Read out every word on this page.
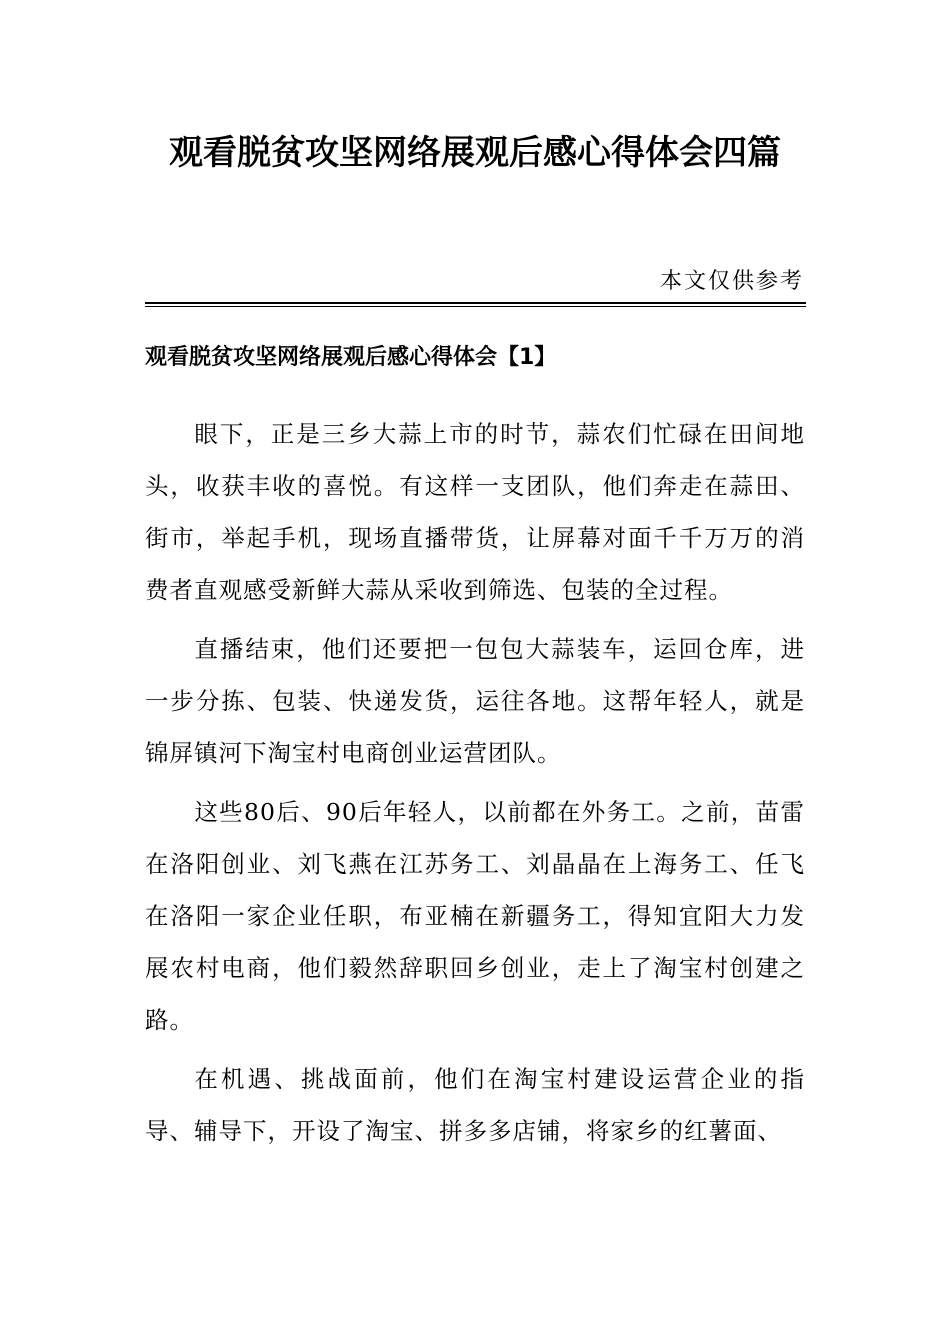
观看脱贫攻坚网络展观后感心得体会四篇
本文仅供参考
观看脱贫攻坚网络展观后感心得体会【1】

眼下，正是三乡大蒜上市的时节，蒜农们忙碌在田间地头，收获丰收的喜悦。有这样一支团队，他们奔走在蒜田、街市，举起手机，现场直播带货，让屏幕对面千千万万的消费者直观感受新鲜大蒜从采收到筛选、包装的全过程。

直播结束，他们还要把一包包大蒜装车，运回仓库，进一步分拣、包装、快递发货，运往各地。这帮年轻人，就是锦屏镇河下淘宝村电商创业运营团队。

这些80后、90后年轻人，以前都在外务工。之前，苗雷在洛阳创业、刘飞燕在江苏务工、刘晶晶在上海务工、任飞在洛阳一家企业任职，布亚楠在新疆务工，得知宜阳大力发展农村电商，他们毅然辞职回乡创业，走上了淘宝村创建之路。

在机遇、挑战面前，他们在淘宝村建设运营企业的指导、辅导下，开设了淘宝、拼多多店铺，将家乡的红薯面、
